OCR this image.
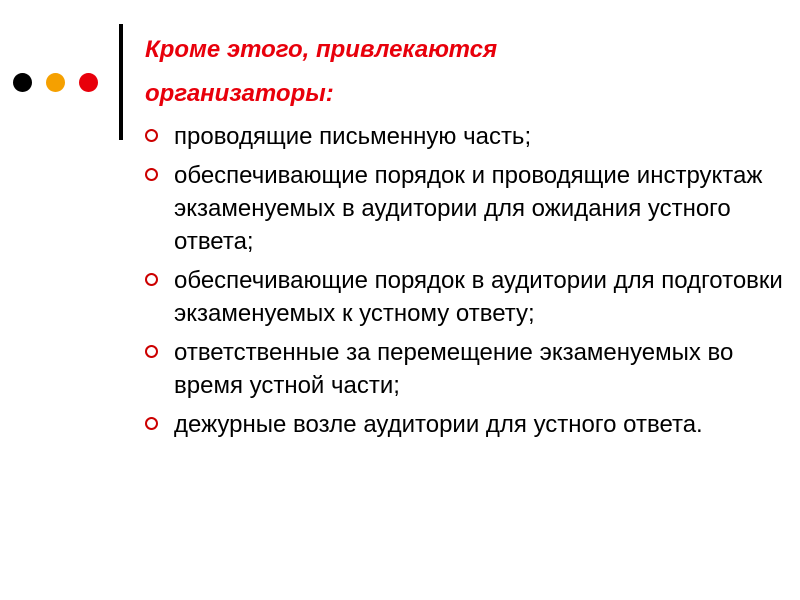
Кроме этого, привлекаются
организаторы:
проводящие письменную часть;
обеспечивающие порядок и проводящие инструктаж экзаменуемых в аудитории для ожидания устного ответа;
обеспечивающие порядок в аудитории для подготовки экзаменуемых к устному ответу;
ответственные за перемещение экзаменуемых во время устной части;
дежурные возле аудитории для устного ответа.
